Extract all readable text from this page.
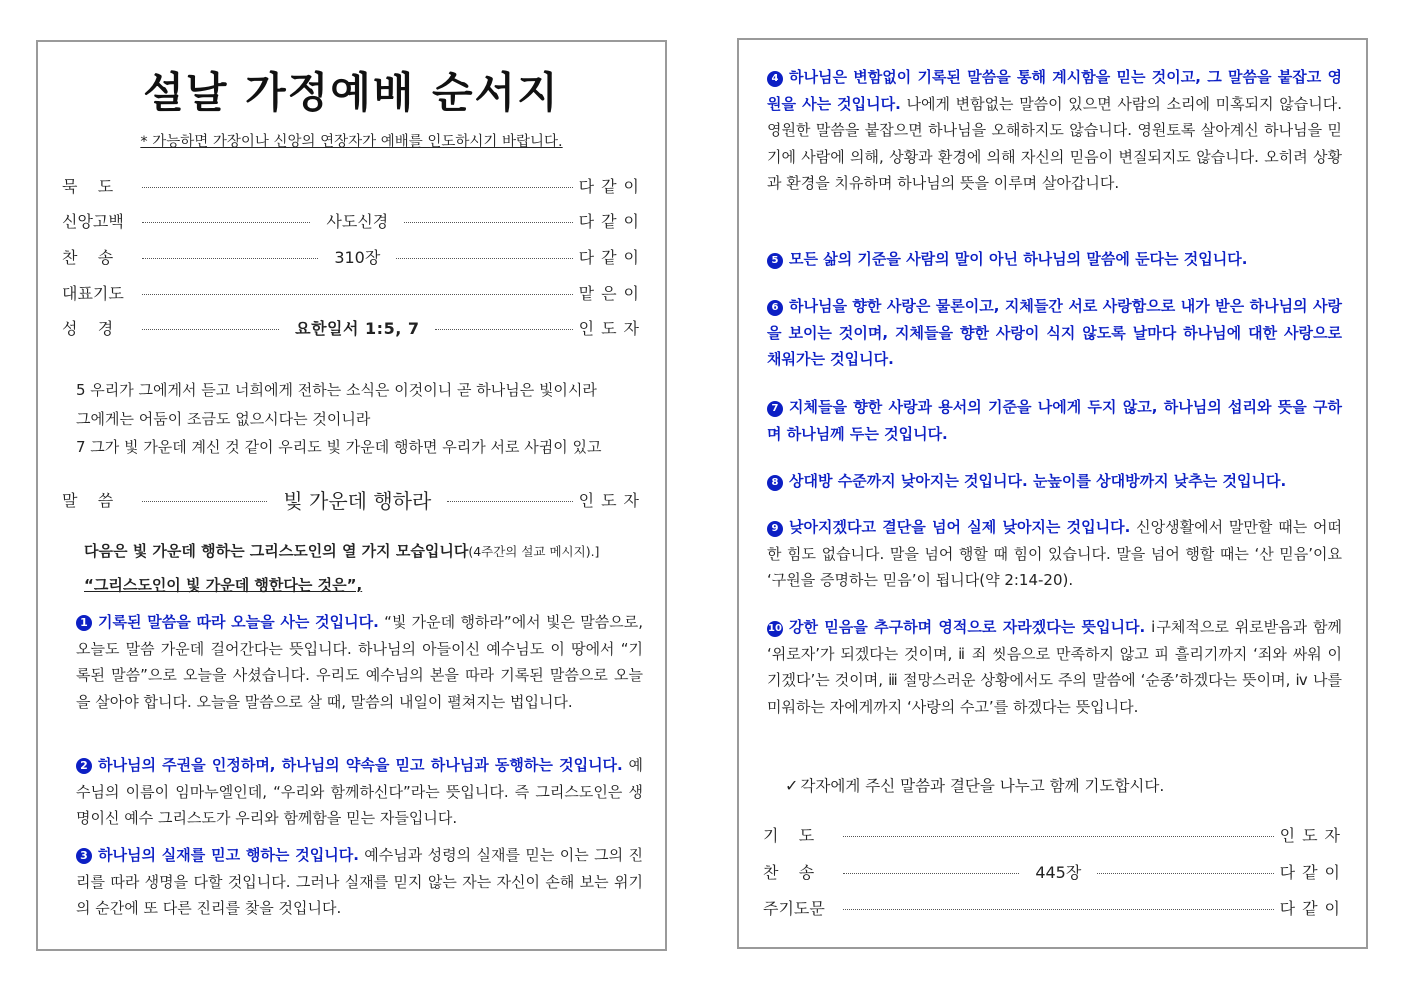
설날 가정예배 순서지
* 가능하면 가장이나 신앙의 연장자가 예배를 인도하시기 바랍니다.
묵    도	다같이
신앙고백	사도신경	다같이
찬    송	310장	다같이
대표기도	맡은이
성    경	요한일서 1:5, 7	인도자
5 우리가 그에게서 듣고 너희에게 전하는 소식은 이것이니 곧 하나님은 빛이시라
그에게는 어둠이 조금도 없으시다는 것이니라
7 그가 빛 가운데 계신 것 같이 우리도 빛 가운데 행하면 우리가 서로 사귐이 있고
말    씀	빛 가운데 행하라	인도자
다음은 빛 가운데 행하는 그리스도인의 열 가지 모습입니다(4주간의 설교 메시지).]
“그리스도인이 빛 가운데 행한다는 것은”,
1 기록된 말씀을 따라 오늘을 사는 것입니다. “빛 가운데 행하라”에서 빛은 말씀으로, 오늘도 말씀 가운데 걸어간다는 뜻입니다. 하나님의 아들이신 예수님도 이 땅에서 “기록된 말씀”으로 오늘을 사셨습니다. 우리도 예수님의 본을 따라 기록된 말씀으로 오늘을 살아야 합니다. 오늘을 말씀으로 살 때, 말씀의 내일이 펼쳐지는 법입니다.
2 하나님의 주권을 인정하며, 하나님의 약속을 믿고 하나님과 동행하는 것입니다. 예수님의 이름이 임마누엘인데, “우리와 함께하신다”라는 뜻입니다. 즉 그리스도인은 생명이신 예수 그리스도가 우리와 함께함을 믿는 자들입니다.
3 하나님의 실재를 믿고 행하는 것입니다. 예수님과 성령의 실재를 믿는 이는 그의 진리를 따라 생명을 다할 것입니다. 그러나 실재를 믿지 않는 자는 자신이 손해 보는 위기의 순간에 또 다른 진리를 찾을 것입니다.
4 하나님은 변함없이 기록된 말씀을 통해 계시함을 믿는 것이고, 그 말씀을 붙잡고 영원을 사는 것입니다. 나에게 변함없는 말씀이 있으면 사람의 소리에 미혹되지 않습니다. 영원한 말씀을 붙잡으면 하나님을 오해하지도 않습니다. 영원토록 살아계신 하나님을 믿기에 사람에 의해, 상황과 환경에 의해 자신의 믿음이 변질되지도 않습니다. 오히려 상황과 환경을 치유하며 하나님의 뜻을 이루며 살아갑니다.
5 모든 삶의 기준을 사람의 말이 아닌 하나님의 말씀에 둔다는 것입니다.
6 하나님을 향한 사랑은 물론이고, 지체들간 서로 사랑함으로 내가 받은 하나님의 사랑을 보이는 것이며, 지체들을 향한 사랑이 식지 않도록 날마다 하나님에 대한 사랑으로 채워가는 것입니다.
7 지체들을 향한 사랑과 용서의 기준을 나에게 두지 않고, 하나님의 섭리와 뜻을 구하며 하나님께 두는 것입니다.
8 상대방 수준까지 낮아지는 것입니다. 눈높이를 상대방까지 낮추는 것입니다.
9 낮아지겠다고 결단을 넘어 실제 낮아지는 것입니다. 신앙생활에서 말만할 때는 어떠한 힘도 없습니다. 말을 넘어 행할 때 힘이 있습니다. 말을 넘어 행할 때는 ‘산 믿음’이요 ‘구원을 증명하는 믿음’이 됩니다(약 2:14-20).
10 강한 믿음을 추구하며 영적으로 자라겠다는 뜻입니다. ⅰ구체적으로 위로받음과 함께 ‘위로자’가 되겠다는 것이며, ⅱ 죄 씻음으로 만족하지 않고 피 흘리기까지 ‘죄와 싸워 이기겠다’는 것이며, ⅲ 절망스러운 상황에서도 주의 말씀에 ‘순종’하겠다는 뜻이며, ⅳ 나를 미워하는 자에게까지 ‘사랑의 수고’를 하겠다는 뜻입니다.
✓ 각자에게 주신 말씀과 결단을 나누고 함께 기도합시다.
기    도	인도자
찬    송	445장	다같이
주기도문	다같이
